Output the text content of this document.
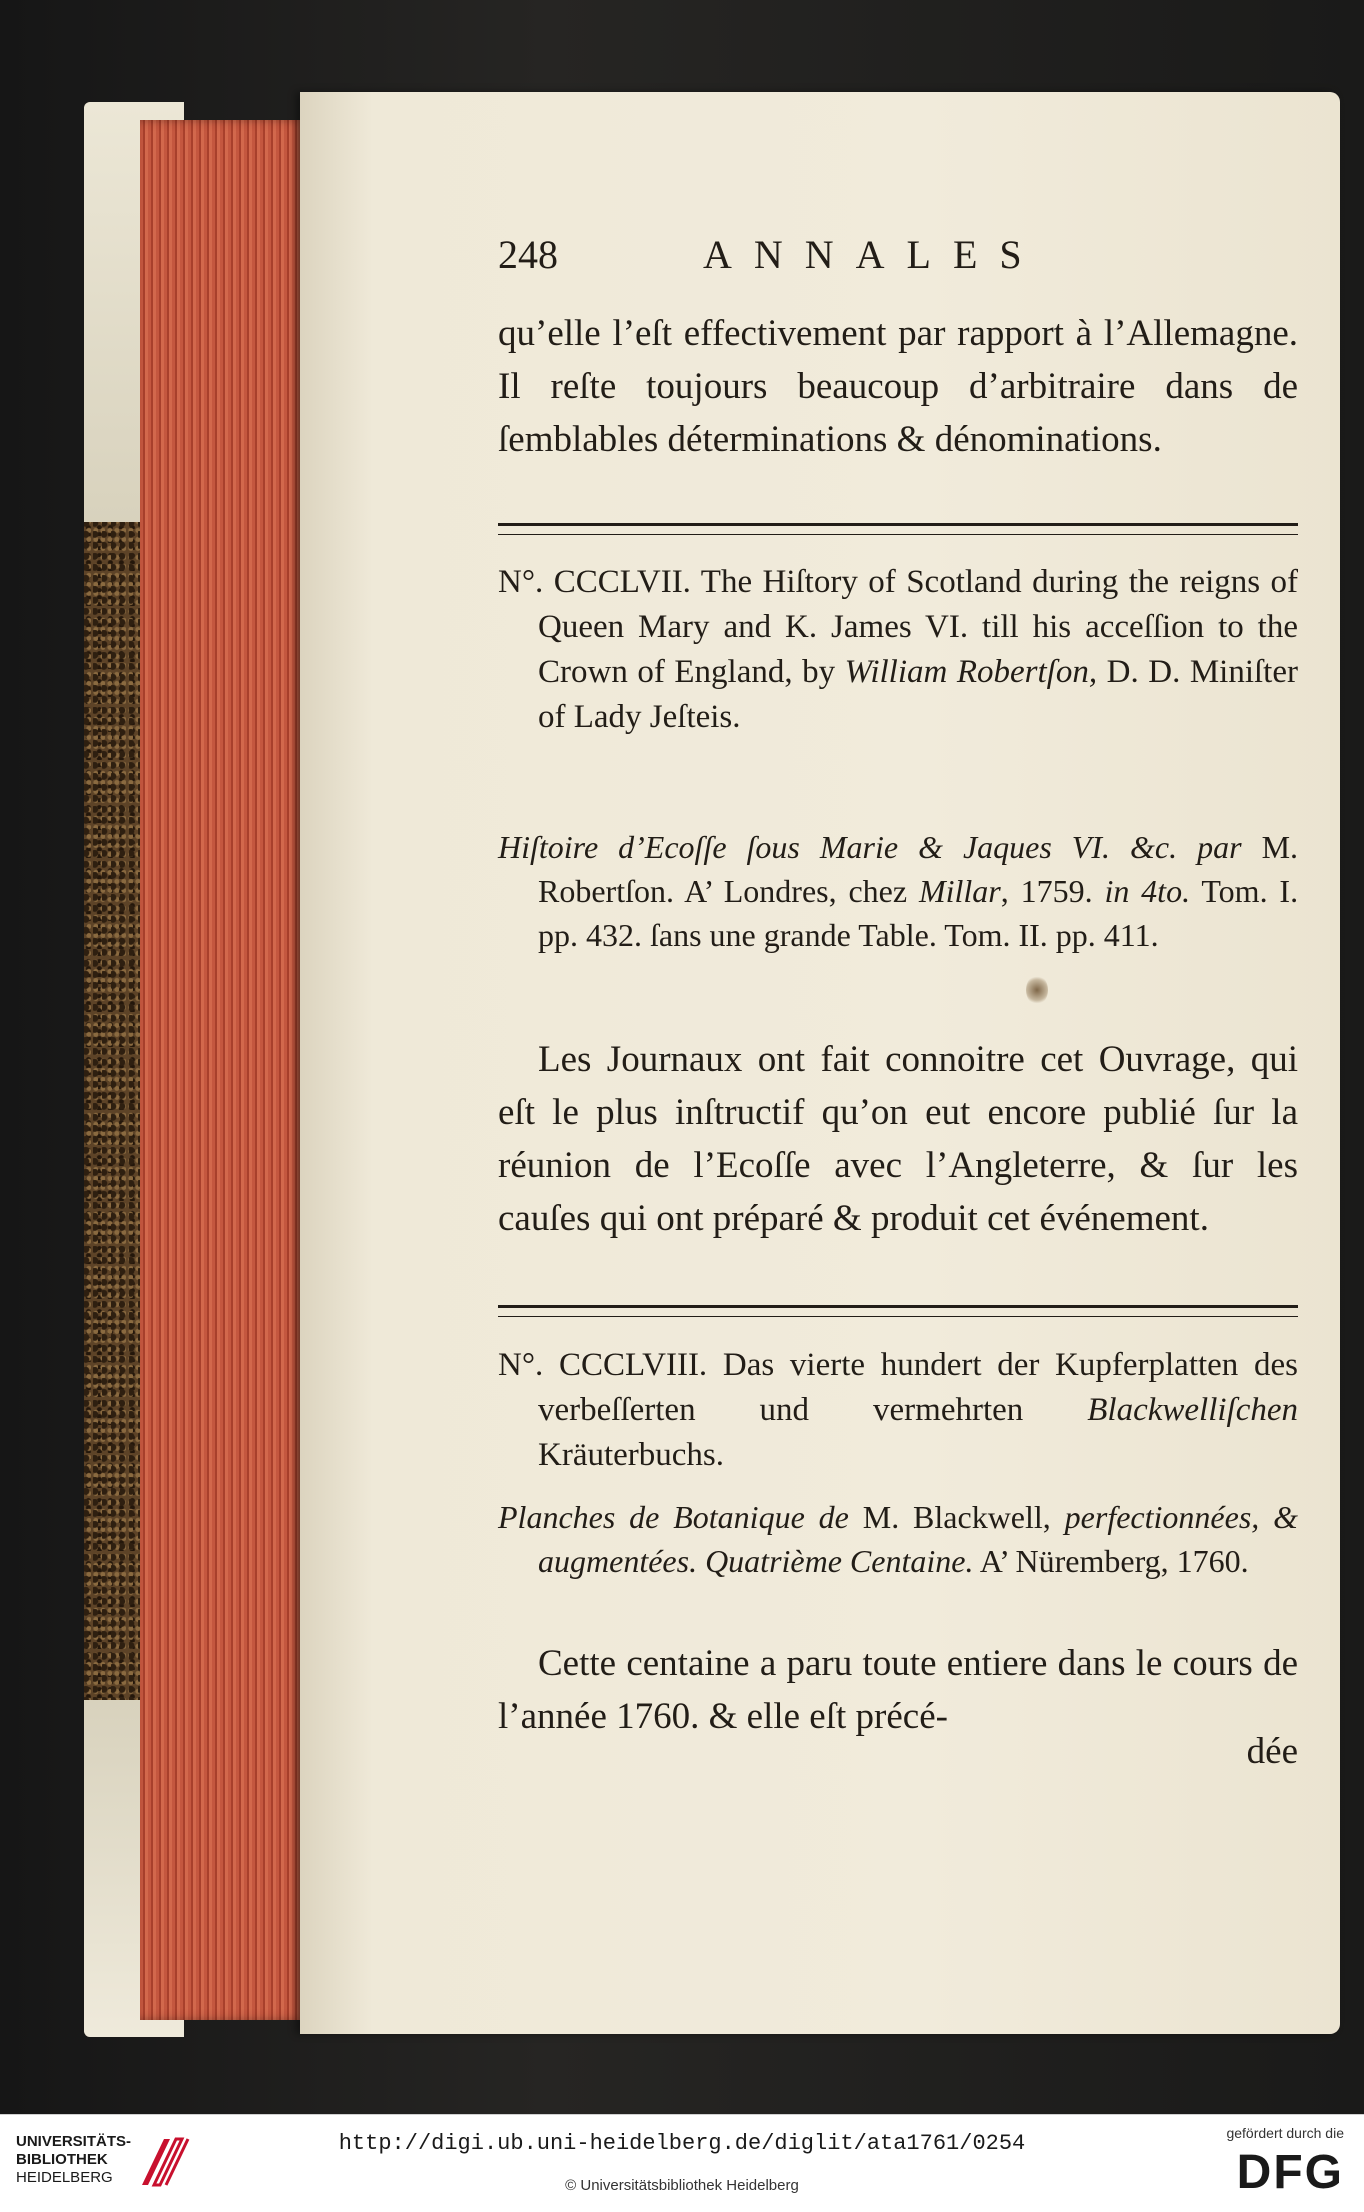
248	ANNALES

qu’elle l’eſt effectivement par rapport à l’Allemagne. Il reſte toujours beaucoup d’arbitraire dans de ſemblables déterminations & dénominations.

N°. CCCLVII. The Hiſtory of Scotland during the reigns of Queen Mary and K. James VI. till his acceſſion to the Crown of England, by William Robertſon, D. D. Miniſter of Lady Jeſteis.

Hiſtoire d’Ecoſſe ſous Marie & Jaques VI. &c. par M. Robertſon. A’ Londres, chez Millar, 1759. in 4to. Tom. I. pp. 432. ſans une grande Table. Tom. II. pp. 411.

Les Journaux ont fait connoitre cet Ouvrage, qui eſt le plus inſtructif qu’on eut encore publié ſur la réunion de l’Ecoſſe avec l’Angleterre, & ſur les cauſes qui ont préparé & produit cet événement.

N°. CCCLVIII. Das vierte hundert der Kupferplatten des verbeſſerten und vermehrten Blackwelliſchen Kräuterbuchs.

Planches de Botanique de M. Blackwell, perfectionnées, & augmentées. Quatrième Centaine. A’ Nüremberg, 1760.

Cette centaine a paru toute entiere dans le cours de l’année 1760. & elle eſt précé-

dée
UNIVERSITÄTS-
BIBLIOTHEK
HEIDELBERG
http://digi.ub.uni-heidelberg.de/diglit/ata1761/0254
© Universitätsbibliothek Heidelberg
gefördert durch die
DFG
